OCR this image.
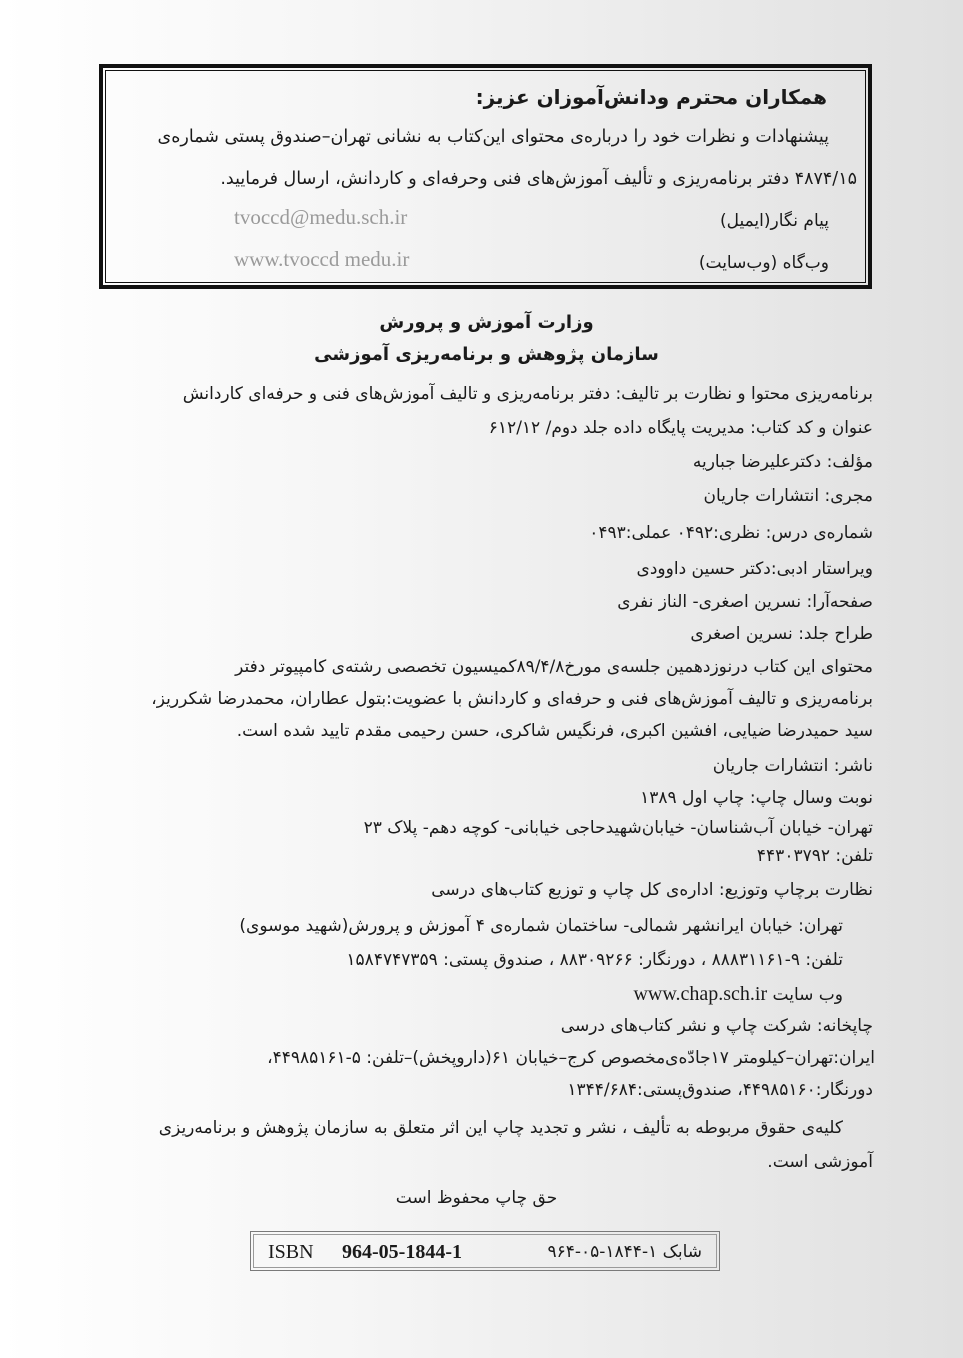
همکاران محترم ودانش‌آموزان عزیز:
پیشنهادات و نظرات خود را درباره‌ی محتوای این‌کتاب به نشانی تهران–صندوق پستی شماره‌ی
۴۸۷۴/۱۵ دفتر برنامه‌ریزی و تألیف آموزش‌های فنی وحرفه‌ای و کاردانش، ارسال فرمایید.
پیام نگار(ایمیل)
tvoccd@medu.sch.ir
وب‌گاه (وب‌سایت)
www.tvoccd medu.ir
وزارت آموزش و پرورش
سازمان پژوهش و برنامه‌ریزی آموزشی
برنامه‌ریزی محتوا و نظارت بر تالیف: دفتر برنامه‌ریزی و تالیف آموزش‌های فنی و حرفه‌ای کاردانش
عنوان و کد کتاب: مدیریت پایگاه داده جلد دوم/ ۶۱۲/۱۲
مؤلف: دکترعلیرضا جباریه
مجری: انتشارات جاریان
شماره‌ی درس: نظری:۰۴۹۲ عملی:۰۴۹۳
ویراستار ادبی:دکتر حسین داوودی
صفحه‌آرا: نسرین اصغری- الناز نفری
طراح جلد: نسرین اصغری
محتوای این کتاب درنوزدهمین جلسه‌ی مورخ۸۹/۴/۸کمیسیون تخصصی رشته‌ی کامپیوتر دفتر
برنامه‌ریزی و تالیف آموزش‌های فنی و حرفه‌ای و کاردانش با عضویت:بتول عطاران، محمدرضا شکرریز،
سید حمیدرضا ضیایی، افشین اکبری، فرنگیس شاکری، حسن رحیمی مقدم تایید شده است.
ناشر: انتشارات جاریان
نوبت وسال چاپ: چاپ اول ۱۳۸۹
تهران- خیابان آب‌شناسان- خیابان‌شهیدحاجی خیابانی- کوچه دهم- پلاک ۲۳
تلفن: ۴۴۳۰۳۷۹۲
نظارت برچاپ وتوزیع: اداره‌ی کل چاپ و توزیع کتاب‌های درسی
تهران: خیابان ایرانشهر شمالی- ساختمان شماره‌ی ۴ آموزش و پرورش(شهید موسوی)
تلفن: ۹-۸۸۸۳۱۱۶۱ ، دورنگار: ۸۸۳۰۹۲۶۶ ، صندوق پستی: ۱۵۸۴۷۴۷۳۵۹
وب سایت www.chap.sch.ir
چاپخانه: شرکت چاپ و نشر کتاب‌های درسی
ایران:تهران–کیلومتر ۱۷جادّه‌ی‌مخصوص کرج–خیابان ۶۱(داروپخش)–تلفن: ۵-۴۴۹۸۵۱۶۱،
دورنگار:۴۴۹۸۵۱۶۰، صندوق‌پستی:۱۳۴۴/۶۸۴
کلیه‌ی حقوق مربوطه به تألیف ، نشر و تجدید چاپ این اثر متعلق به سازمان پژوهش و برنامه‌ریزی
آموزشی است.
حق چاپ محفوظ است
ISBN 964-05-1844-1	شابک ۱-۱۸۴۴-۰۵-۹۶۴
